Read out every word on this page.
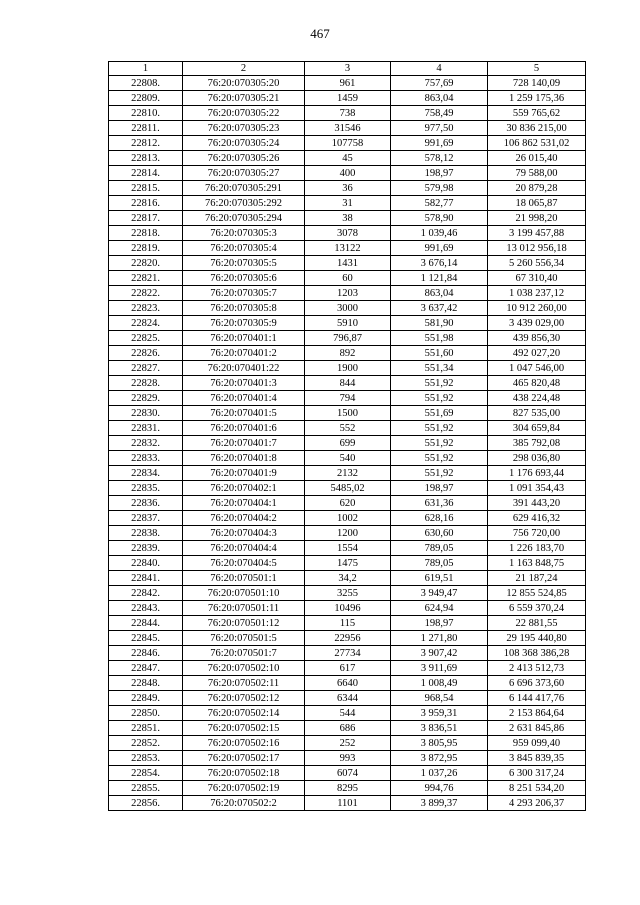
467
1	2	3	4	5
22808.	76:20:070305:20	961	757,69	728 140,09
22809.	76:20:070305:21	1459	863,04	1 259 175,36
22810.	76:20:070305:22	738	758,49	559 765,62
22811.	76:20:070305:23	31546	977,50	30 836 215,00
22812.	76:20:070305:24	107758	991,69	106 862 531,02
22813.	76:20:070305:26	45	578,12	26 015,40
22814.	76:20:070305:27	400	198,97	79 588,00
22815.	76:20:070305:291	36	579,98	20 879,28
22816.	76:20:070305:292	31	582,77	18 065,87
22817.	76:20:070305:294	38	578,90	21 998,20
22818.	76:20:070305:3	3078	1 039,46	3 199 457,88
22819.	76:20:070305:4	13122	991,69	13 012 956,18
22820.	76:20:070305:5	1431	3 676,14	5 260 556,34
22821.	76:20:070305:6	60	1 121,84	67 310,40
22822.	76:20:070305:7	1203	863,04	1 038 237,12
22823.	76:20:070305:8	3000	3 637,42	10 912 260,00
22824.	76:20:070305:9	5910	581,90	3 439 029,00
22825.	76:20:070401:1	796,87	551,98	439 856,30
22826.	76:20:070401:2	892	551,60	492 027,20
22827.	76:20:070401:22	1900	551,34	1 047 546,00
22828.	76:20:070401:3	844	551,92	465 820,48
22829.	76:20:070401:4	794	551,92	438 224,48
22830.	76:20:070401:5	1500	551,69	827 535,00
22831.	76:20:070401:6	552	551,92	304 659,84
22832.	76:20:070401:7	699	551,92	385 792,08
22833.	76:20:070401:8	540	551,92	298 036,80
22834.	76:20:070401:9	2132	551,92	1 176 693,44
22835.	76:20:070402:1	5485,02	198,97	1 091 354,43
22836.	76:20:070404:1	620	631,36	391 443,20
22837.	76:20:070404:2	1002	628,16	629 416,32
22838.	76:20:070404:3	1200	630,60	756 720,00
22839.	76:20:070404:4	1554	789,05	1 226 183,70
22840.	76:20:070404:5	1475	789,05	1 163 848,75
22841.	76:20:070501:1	34,2	619,51	21 187,24
22842.	76:20:070501:10	3255	3 949,47	12 855 524,85
22843.	76:20:070501:11	10496	624,94	6 559 370,24
22844.	76:20:070501:12	115	198,97	22 881,55
22845.	76:20:070501:5	22956	1 271,80	29 195 440,80
22846.	76:20:070501:7	27734	3 907,42	108 368 386,28
22847.	76:20:070502:10	617	3 911,69	2 413 512,73
22848.	76:20:070502:11	6640	1 008,49	6 696 373,60
22849.	76:20:070502:12	6344	968,54	6 144 417,76
22850.	76:20:070502:14	544	3 959,31	2 153 864,64
22851.	76:20:070502:15	686	3 836,51	2 631 845,86
22852.	76:20:070502:16	252	3 805,95	959 099,40
22853.	76:20:070502:17	993	3 872,95	3 845 839,35
22854.	76:20:070502:18	6074	1 037,26	6 300 317,24
22855.	76:20:070502:19	8295	994,76	8 251 534,20
22856.	76:20:070502:2	1101	3 899,37	4 293 206,37
